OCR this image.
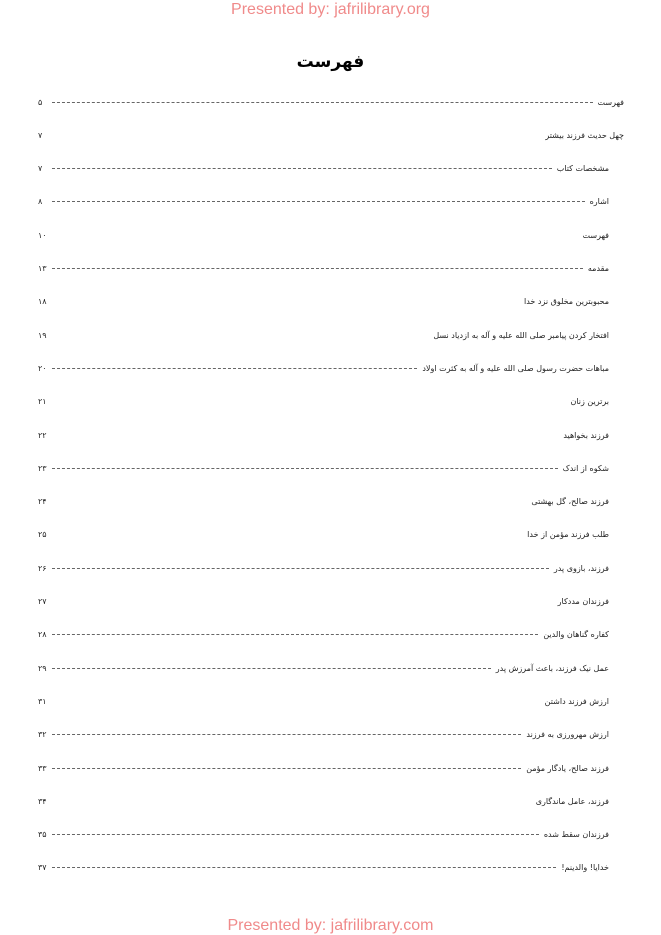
Presented by: jafrilibrary.org
فهرست
فهرست
۵
چهل حدیث فرزند بیشتر
۷
مشخصات کتاب
۷
اشاره
۸
فهرست
۱۰
مقدمه
۱۳
محبوبترین مخلوق نزد خدا
۱۸
افتخار کردن پیامبر صلی الله علیه و آله به ازدیاد نسل
۱۹
مباهات حضرت رسول صلی الله علیه و آله به کثرت اولاد
۲۰
برترین زنان
۲۱
فرزند بخواهید
۲۲
شکوه از اندک
۲۳
فرزند صالح، گل بهشتی
۲۴
طلب فرزند مؤمن از خدا
۲۵
فرزند، بازوی پدر
۲۶
فرزندان مددکار
۲۷
کفاره گناهان والدین
۲۸
عمل نیک فرزند، باعث آمرزش پدر
۲۹
ارزش فرزند داشتن
۳۱
ارزش مهرورزی به فرزند
۳۲
فرزند صالح، یادگار مؤمن
۳۳
فرزند، عامل ماندگاری
۳۴
فرزندان سقط شده
۳۵
خدایا! والدینم!
۳۷
Presented by: jafrilibrary.com
